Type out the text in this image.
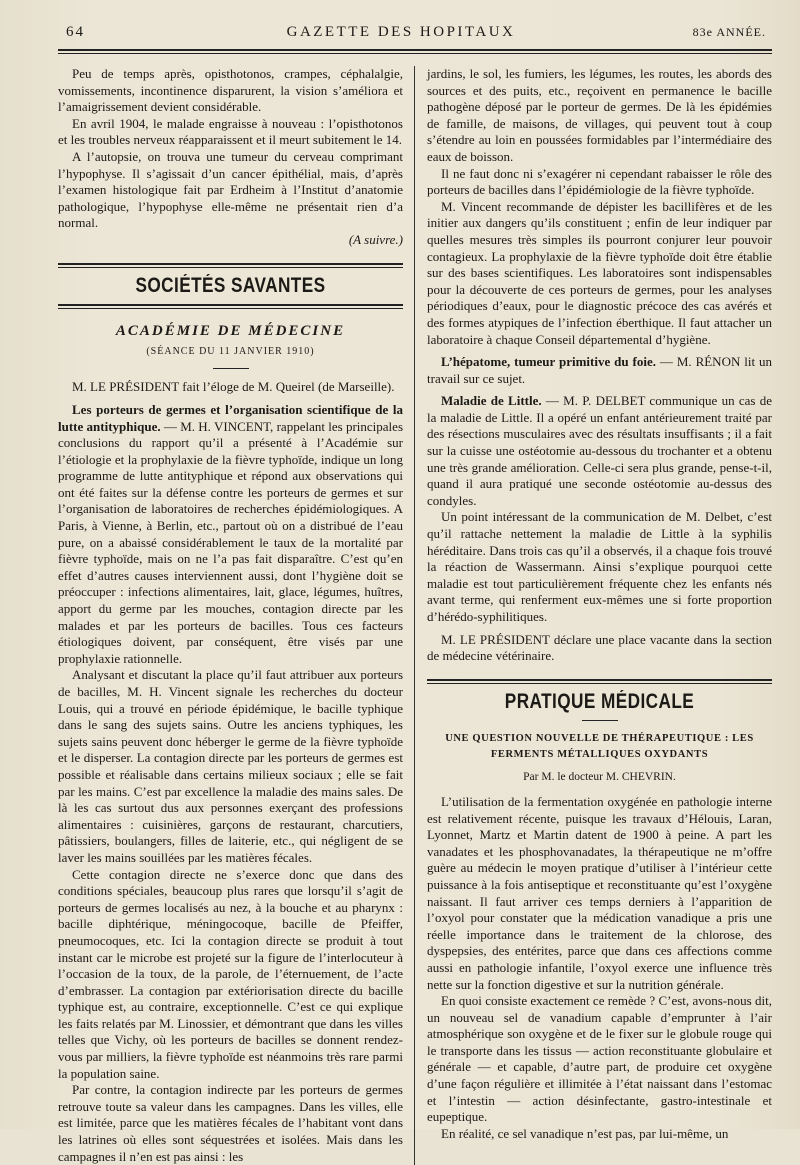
64	GAZETTE DES HOPITAUX	83e ANNÉE.

Peu de temps après, opisthotonos, crampes, céphalalgie, vomissements, incontinence disparurent, la vision s’améliora et l’amaigrissement devient considérable.

En avril 1904, le malade engraisse à nouveau : l’opisthotonos et les troubles nerveux réapparaissent et il meurt subitement le 14.

A l’autopsie, on trouva une tumeur du cerveau comprimant l’hypophyse. Il s’agissait d’un cancer épithélial, mais, d’après l’examen histologique fait par Erdheim à l’Institut d’anatomie pathologique, l’hypophyse elle-même ne présentait rien d’a normal.

(A suivre.)

SOCIÉTÉS SAVANTES
ACADÉMIE DE MÉDECINE
(SÉANCE DU 11 JANVIER 1910)

M. LE PRÉSIDENT fait l’éloge de M. Queirel (de Marseille).

Les porteurs de germes et l’organisation scientifique de la lutte antityphique. — M. H. VINCENT, rappelant les principales conclusions du rapport qu’il a présenté à l’Académie sur l’étiologie et la prophylaxie de la fièvre typhoïde, indique un long programme de lutte antityphique et répond aux observations qui ont été faites sur la défense contre les porteurs de germes et sur l’organisation de laboratoires de recherches épidémiologiques. A Paris, à Vienne, à Berlin, etc., partout où on a distribué de l’eau pure, on a abaissé considérablement le taux de la mortalité par fièvre typhoïde, mais on ne l’a pas fait disparaître. C’est qu’en effet d’autres causes interviennent aussi, dont l’hygiène doit se préoccuper : infections alimentaires, lait, glace, légumes, huîtres, apport du germe par les mouches, contagion directe par les malades et par les porteurs de bacilles. Tous ces facteurs étiologiques doivent, par conséquent, être visés par une prophylaxie rationnelle.

Analysant et discutant la place qu’il faut attribuer aux porteurs de bacilles, M. H. Vincent signale les recherches du docteur Louis, qui a trouvé en période épidémique, le bacille typhique dans le sang des sujets sains. Outre les anciens typhiques, les sujets sains peuvent donc héberger le germe de la fièvre typhoïde et le disperser. La contagion directe par les porteurs de germes est possible et réalisable dans certains milieux sociaux ; elle se fait par les mains. C’est par excellence la maladie des mains sales. De là les cas surtout dus aux personnes exerçant des professions alimentaires : cuisinières, garçons de restaurant, charcutiers, pâtissiers, boulangers, filles de laiterie, etc., qui négligent de se laver les mains souillées par les matières fécales.

Cette contagion directe ne s’exerce donc que dans des conditions spéciales, beaucoup plus rares que lorsqu’il s’agit de porteurs de germes localisés au nez, à la bouche et au pharynx : bacille diphtérique, méningocoque, bacille de Pfeiffer, pneumocoques, etc. Ici la contagion directe se produit à tout instant car le microbe est projeté sur la figure de l’interlocuteur à l’occasion de la toux, de la parole, de l’éternuement, de l’acte d’embrasser. La contagion par extériorisation directe du bacille typhique est, au contraire, exceptionnelle. C’est ce qui explique les faits relatés par M. Linossier, et démontrant que dans les villes telles que Vichy, où les porteurs de bacilles se donnent rendez-vous par milliers, la fièvre typhoïde est néanmoins très rare parmi la population saine.

Par contre, la contagion indirecte par les porteurs de germes retrouve toute sa valeur dans les campagnes. Dans les villes, elle est limitée, parce que les matières fécales de l’habitant vont dans les latrines où elles sont séquestrées et isolées. Mais dans les campagnes il n’en est pas ainsi : les

jardins, le sol, les fumiers, les légumes, les routes, les abords des sources et des puits, etc., reçoivent en permanence le bacille pathogène déposé par le porteur de germes. De là les épidémies de famille, de maisons, de villages, qui peuvent tout à coup s’étendre au loin en poussées formidables par l’intermédiaire des eaux de boisson.

Il ne faut donc ni s’exagérer ni cependant rabaisser le rôle des porteurs de bacilles dans l’épidémiologie de la fièvre typhoïde.

M. Vincent recommande de dépister les bacillifères et de les initier aux dangers qu’ils constituent ; enfin de leur indiquer par quelles mesures très simples ils pourront conjurer leur pouvoir contagieux. La prophylaxie de la fièvre typhoïde doit être établie sur des bases scientifiques. Les laboratoires sont indispensables pour la découverte de ces porteurs de germes, pour les analyses périodiques d’eaux, pour le diagnostic précoce des cas avérés et des formes atypiques de l’infection éberthique. Il faut attacher un laboratoire à chaque Conseil départemental d’hygiène.

L’hépatome, tumeur primitive du foie. — M. RÉNON lit un travail sur ce sujet.

Maladie de Little. — M. P. DELBET communique un cas de la maladie de Little. Il a opéré un enfant antérieurement traité par des résections musculaires avec des résultats insuffisants ; il a fait sur la cuisse une ostéotomie au-dessous du trochanter et a obtenu une très grande amélioration. Celle-ci sera plus grande, pense-t-il, quand il aura pratiqué une seconde ostéotomie au-dessus des condyles.

Un point intéressant de la communication de M. Delbet, c’est qu’il rattache nettement la maladie de Little à la syphilis héréditaire. Dans trois cas qu’il a observés, il a chaque fois trouvé la réaction de Wassermann. Ainsi s’explique pourquoi cette maladie est tout particulièrement fréquente chez les enfants nés avant terme, qui renferment eux-mêmes une si forte proportion d’hérédo-syphilitiques.

M. LE PRÉSIDENT déclare une place vacante dans la section de médecine vétérinaire.

PRATIQUE MÉDICALE
UNE QUESTION NOUVELLE DE THÉRAPEUTIQUE : LES FERMENTS MÉTALLIQUES OXYDANTS
Par M. le docteur M. CHEVRIN.

L’utilisation de la fermentation oxygénée en pathologie interne est relativement récente, puisque les travaux d’Hélouis, Laran, Lyonnet, Martz et Martin datent de 1900 à peine. A part les vanadates et les phosphovanadates, la thérapeutique ne m’offre guère au médecin le moyen pratique d’utiliser à l’intérieur cette puissance à la fois antiseptique et reconstituante qu’est l’oxygène naissant. Il faut arriver ces temps derniers à l’apparition de l’oxyol pour constater que la médication vanadique a pris une réelle importance dans le traitement de la chlorose, des dyspepsies, des entérites, parce que dans ces affections comme aussi en pathologie infantile, l’oxyol exerce une influence très nette sur la fonction digestive et sur la nutrition générale.

En quoi consiste exactement ce remède ? C’est, avons-nous dit, un nouveau sel de vanadium capable d’emprunter à l’air atmosphérique son oxygène et de le fixer sur le globule rouge qui le transporte dans les tissus — action reconstituante globulaire et générale — et capable, d’autre part, de produire cet oxygène d’une façon régulière et illimitée à l’état naissant dans l’estomac et l’intestin — action désinfectante, gastro-intestinale et eupeptique.

En réalité, ce sel vanadique n’est pas, par lui-même, un
